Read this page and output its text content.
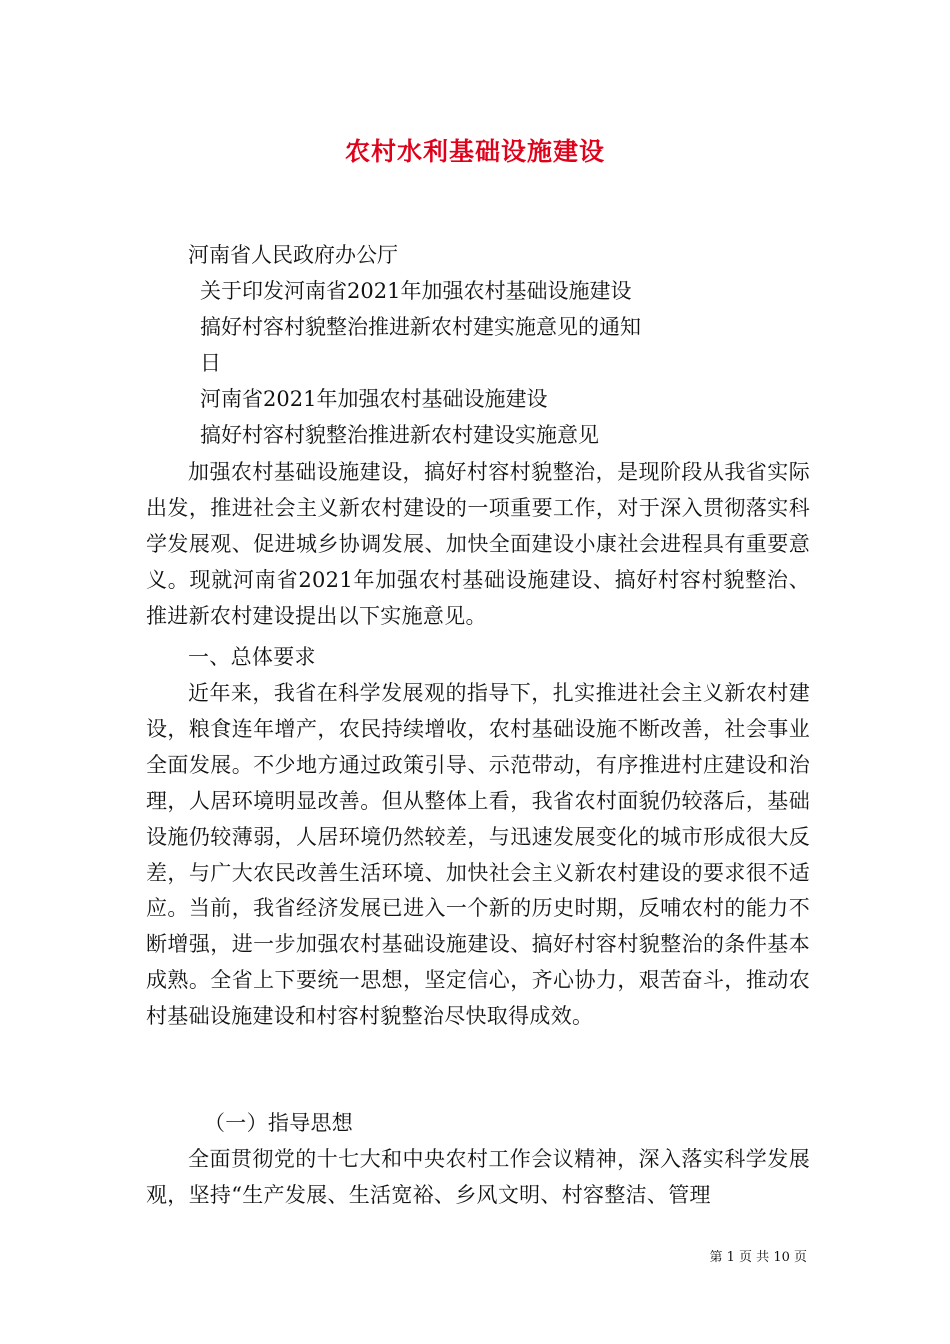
农村水利基础设施建设
河南省人民政府办公厅
关于印发河南省2021年加强农村基础设施建设
搞好村容村貌整治推进新农村建实施意见的通知
日
河南省2021年加强农村基础设施建设
搞好村容村貌整治推进新农村建设实施意见
加强农村基础设施建设，搞好村容村貌整治，是现阶段从我省实际出发，推进社会主义新农村建设的一项重要工作，对于深入贯彻落实科学发展观、促进城乡协调发展、加快全面建设小康社会进程具有重要意义。现就河南省2021年加强农村基础设施建设、搞好村容村貌整治、推进新农村建设提出以下实施意见。
一、总体要求
近年来，我省在科学发展观的指导下，扎实推进社会主义新农村建设，粮食连年增产，农民持续增收，农村基础设施不断改善，社会事业全面发展。不少地方通过政策引导、示范带动，有序推进村庄建设和治理，人居环境明显改善。但从整体上看，我省农村面貌仍较落后，基础设施仍较薄弱，人居环境仍然较差，与迅速发展变化的城市形成很大反差，与广大农民改善生活环境、加快社会主义新农村建设的要求很不适应。当前，我省经济发展已进入一个新的历史时期，反哺农村的能力不断增强，进一步加强农村基础设施建设、搞好村容村貌整治的条件基本成熟。全省上下要统一思想，坚定信心，齐心协力，艰苦奋斗，推动农村基础设施建设和村容村貌整治尽快取得成效。
（一）指导思想
全面贯彻党的十七大和中央农村工作会议精神，深入落实科学发展观，坚持“生产发展、生活宽裕、乡风文明、村容整洁、管理
第 1 页 共 10 页
